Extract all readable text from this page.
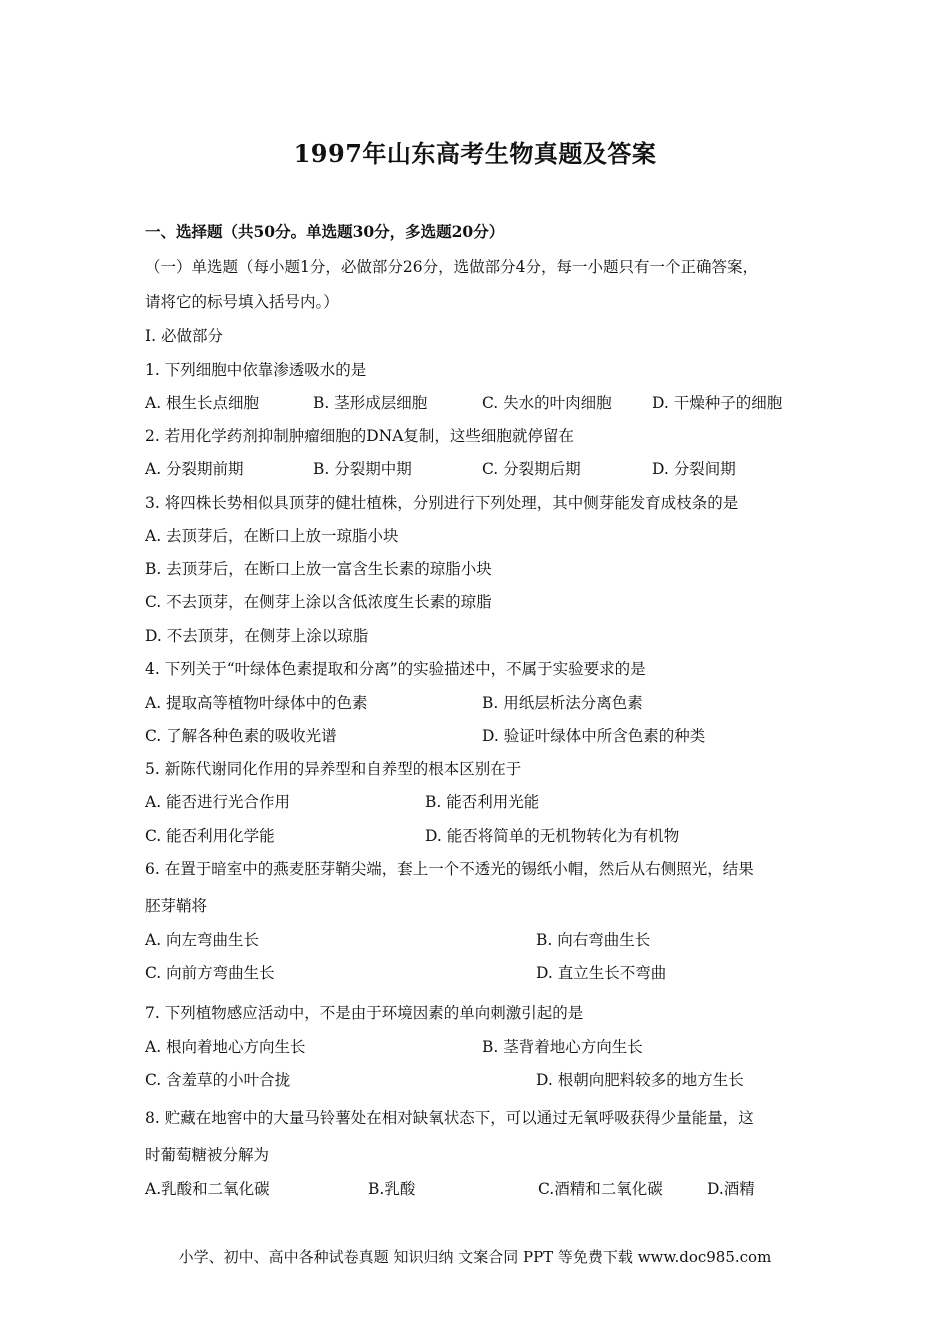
1997年山东高考生物真题及答案
一、选择题（共50分。单选题30分，多选题20分）
（一）单选题（每小题1分，必做部分26分，选做部分4分，每一小题只有一个正确答案，
请将它的标号填入括号内。）
I. 必做部分
1. 下列细胞中依靠渗透吸水的是
A. 根生长点细胞	B. 茎形成层细胞	C. 失水的叶肉细胞	D. 干燥种子的细胞
2. 若用化学药剂抑制肿瘤细胞的DNA复制，这些细胞就停留在
A. 分裂期前期	B. 分裂期中期	C. 分裂期后期	D. 分裂间期
3. 将四株长势相似具顶芽的健壮植株，分别进行下列处理，其中侧芽能发育成枝条的是
A. 去顶芽后，在断口上放一琼脂小块
B. 去顶芽后，在断口上放一富含生长素的琼脂小块
C. 不去顶芽，在侧芽上涂以含低浓度生长素的琼脂
D. 不去顶芽，在侧芽上涂以琼脂
4. 下列关于“叶绿体色素提取和分离”的实验描述中，不属于实验要求的是
A. 提取高等植物叶绿体中的色素	B. 用纸层析法分离色素
C. 了解各种色素的吸收光谱	D. 验证叶绿体中所含色素的种类
5. 新陈代谢同化作用的异养型和自养型的根本区别在于
A. 能否进行光合作用	B. 能否利用光能
C. 能否利用化学能	D. 能否将简单的无机物转化为有机物
6. 在置于暗室中的燕麦胚芽鞘尖端，套上一个不透光的锡纸小帽，然后从右侧照光，结果
胚芽鞘将
A. 向左弯曲生长	B. 向右弯曲生长
C. 向前方弯曲生长	D. 直立生长不弯曲
7. 下列植物感应活动中，不是由于环境因素的单向刺激引起的是
A. 根向着地心方向生长	B. 茎背着地心方向生长
C. 含羞草的小叶合拢	D. 根朝向肥料较多的地方生长
8. 贮藏在地窖中的大量马铃薯处在相对缺氧状态下，可以通过无氧呼吸获得少量能量，这
时葡萄糖被分解为
A.乳酸和二氧化碳	B.乳酸	C.酒精和二氧化碳	D.酒精
小学、初中、高中各种试卷真题 知识归纳 文案合同 PPT 等免费下载 www.doc985.com
